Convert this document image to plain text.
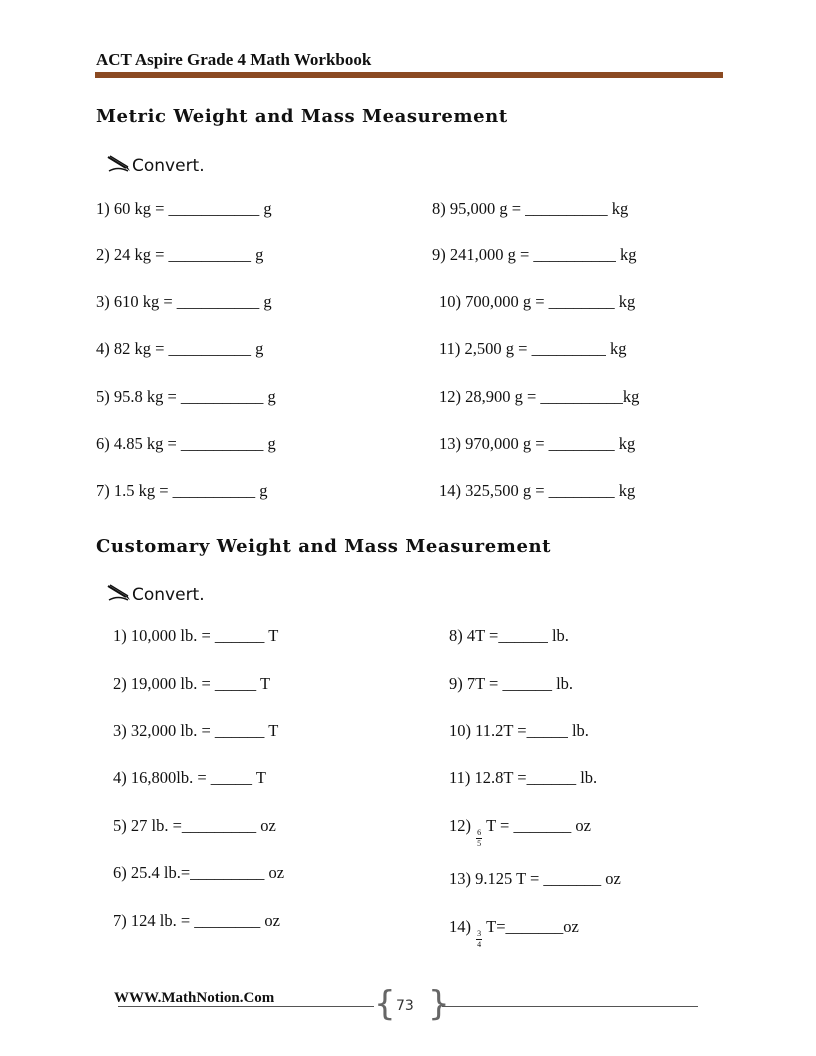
ACT Aspire Grade 4 Math Workbook
Metric Weight and Mass Measurement
Convert.
1) 60 kg = ___________ g
2) 24 kg = __________ g
3) 610 kg = __________ g
4) 82 kg = __________ g
5) 95.8 kg = __________ g
6) 4.85 kg = __________ g
7) 1.5 kg = __________ g
8) 95,000 g = __________ kg
9) 241,000 g = __________ kg
10) 700,000 g = ________ kg
11) 2,500 g = _________ kg
12) 28,900 g = __________kg
13) 970,000 g = ________ kg
14) 325,500 g = ________ kg
Customary Weight and Mass Measurement
Convert.
1) 10,000 lb. = ______ T
2) 19,000 lb. = _____ T
3) 32,000 lb. = ______ T
4) 16,800lb. = _____ T
5) 27 lb. =_________ oz
6) 25.4 lb.=_________ oz
7) 124 lb. = ________ oz
8) 4T =______ lb.
9) 7T = ______ lb.
10) 11.2T =_____ lb.
11) 12.8T =______ lb.
12)
$\frac{6}{5}$
T = _______ oz
13) 9.125 T = _______ oz
14)
$\frac{3}{4}$
T=_______oz
WWW.MathNotion.Com	{ 73 }
